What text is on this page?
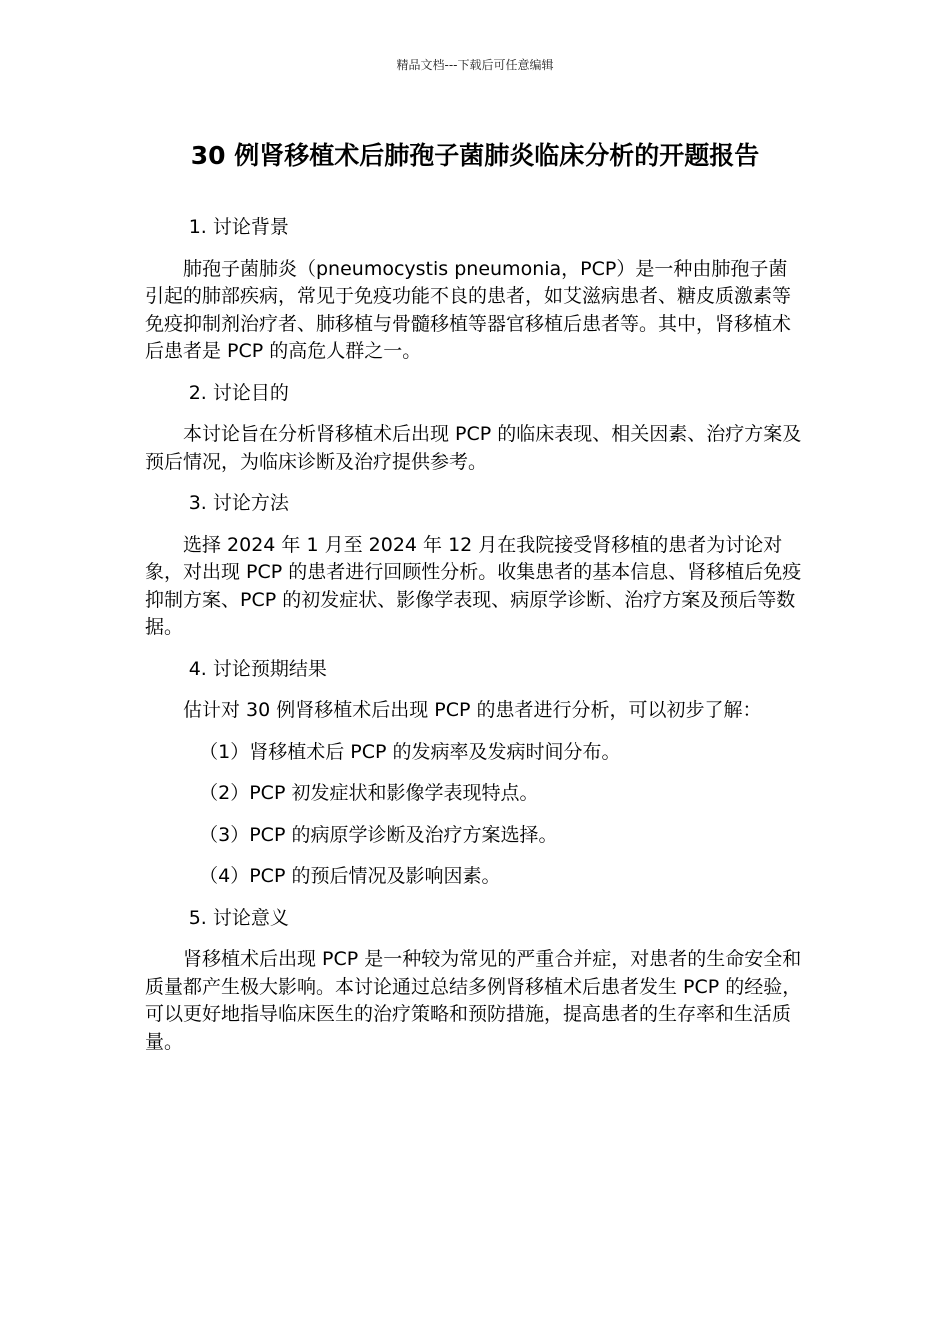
精品文档---下载后可任意编辑
30 例肾移植术后肺孢子菌肺炎临床分析的开题报告

1. 讨论背景

肺孢子菌肺炎（pneumocystis pneumonia，PCP）是一种由肺孢子菌引起的肺部疾病，常见于免疫功能不良的患者，如艾滋病患者、糖皮质激素等免疫抑制剂治疗者、肺移植与骨髓移植等器官移植后患者等。其中，肾移植术后患者是 PCP 的高危人群之一。

2. 讨论目的

本讨论旨在分析肾移植术后出现 PCP 的临床表现、相关因素、治疗方案及预后情况，为临床诊断及治疗提供参考。

3. 讨论方法

选择 2024 年 1 月至 2024 年 12 月在我院接受肾移植的患者为讨论对象，对出现 PCP 的患者进行回顾性分析。收集患者的基本信息、肾移植后免疫抑制方案、PCP 的初发症状、影像学表现、病原学诊断、治疗方案及预后等数据。

4. 讨论预期结果

估计对 30 例肾移植术后出现 PCP 的患者进行分析，可以初步了解：

（1）肾移植术后 PCP 的发病率及发病时间分布。

（2）PCP 初发症状和影像学表现特点。

（3）PCP 的病原学诊断及治疗方案选择。

（4）PCP 的预后情况及影响因素。

5. 讨论意义

肾移植术后出现 PCP 是一种较为常见的严重合并症，对患者的生命安全和质量都产生极大影响。本讨论通过总结多例肾移植术后患者发生 PCP 的经验，可以更好地指导临床医生的治疗策略和预防措施，提高患者的生存率和生活质量。
